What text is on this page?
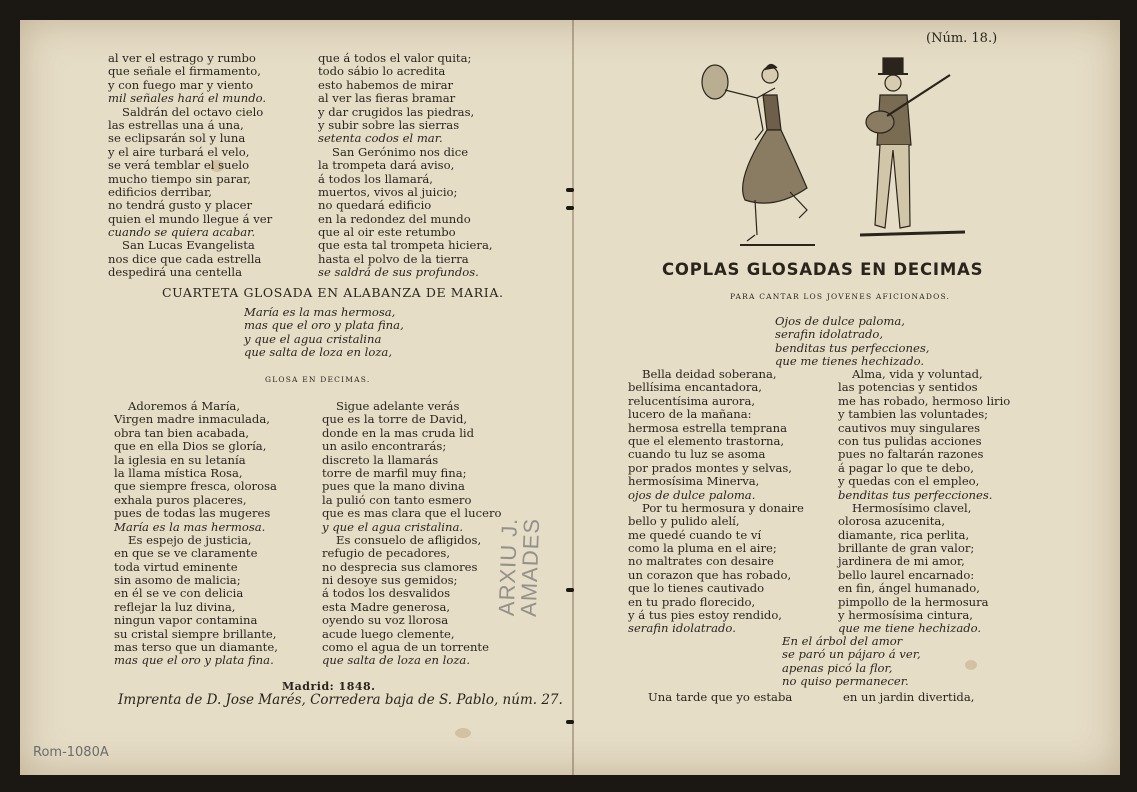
al ver el estrago y rumbo
que señale el firmamento,
y con fuego mar y viento
mil señales hará el mundo.
Saldrán del octavo cielo
las estrellas una á una,
se eclipsarán sol y luna
y el aire turbará el velo,
se verá temblar el suelo
mucho tiempo sin parar,
edificios derribar,
no tendrá gusto y placer
quien el mundo llegue á ver
cuando se quiera acabar.
San Lucas Evangelista
nos dice que cada estrella
despedirá una centella
que á todos el valor quita;
todo sábio lo acredita
esto habemos de mirar
al ver las fieras bramar
y dar crugidos las piedras,
y subir sobre las sierras
setenta codos el mar.
San Gerónimo nos dice
la trompeta dará aviso,
á todos los llamará,
muertos, vivos al juicio;
no quedará edificio
en la redondez del mundo
que al oir este retumbo
que esta tal trompeta hiciera,
hasta el polvo de la tierra
se saldrá de sus profundos.
CUARTETA GLOSADA EN ALABANZA DE MARIA.
María es la mas hermosa,
mas que el oro y plata fina,
y que el agua cristalina
que salta de loza en loza,
GLOSA EN DECIMAS.
Adoremos á María,
Virgen madre inmaculada,
obra tan bien acabada,
que en ella Dios se gloría,
la iglesia en su letanía
la llama mística Rosa,
que siempre fresca, olorosa
exhala puros placeres,
pues de todas las mugeres
María es la mas hermosa.
Es espejo de justicia,
en que se ve claramente
toda virtud eminente
sin asomo de malicia;
en él se ve con delicia
reflejar la luz divina,
ningun vapor contamina
su cristal siempre brillante,
mas terso que un diamante,
mas que el oro y plata fina.
Sigue adelante verás
que es la torre de David,
donde en la mas cruda lid
un asilo encontrarás;
discreto la llamarás
torre de marfil muy fina;
pues que la mano divina
la pulió con tanto esmero
que es mas clara que el lucero
y que el agua cristalina.
Es consuelo de afligidos,
refugio de pecadores,
no desprecia sus clamores
ni desoye sus gemidos;
á todos los desvalidos
esta Madre generosa,
oyendo su voz llorosa
acude luego clemente,
como el agua de un torrente
que salta de loza en loza.
Madrid: 1848.
Imprenta de D. Jose Marés, Corredera baja de S. Pablo, núm. 27.
ARXIU J.
AMADES
Rom-1080A
(Núm. 18.)
COPLAS GLOSADAS EN DECIMAS
PARA CANTAR LOS JOVENES AFICIONADOS.
Ojos de dulce paloma,
serafin idolatrado,
benditas tus perfecciones,
que me tienes hechizado.
Bella deidad soberana,
bellísima encantadora,
relucentísima aurora,
lucero de la mañana:
hermosa estrella temprana
que el elemento trastorna,
cuando tu luz se asoma
por prados montes y selvas,
hermosísima Minerva,
ojos de dulce paloma.
Por tu hermosura y donaire
bello y pulido alelí,
me quedé cuando te ví
como la pluma en el aire;
no maltrates con desaire
un corazon que has robado,
que lo tienes cautivado
en tu prado florecido,
y á tus pies estoy rendido,
serafin idolatrado.
Alma, vida y voluntad,
las potencias y sentidos
me has robado, hermoso lirio
y tambien las voluntades;
cautivos muy singulares
con tus pulidas acciones
pues no faltarán razones
á pagar lo que te debo,
y quedas con el empleo,
benditas tus perfecciones.
Hermosísimo clavel,
olorosa azucenita,
diamante, rica perlita,
brillante de gran valor;
jardinera de mi amor,
bello laurel encarnado:
en fin, ángel humanado,
pimpollo de la hermosura
y hermosísima cintura,
que me tiene hechizado.
En el árbol del amor
se paró un pájaro á ver,
apenas picó la flor,
no quiso permanecer.
Una tarde que yo estaba	en un jardin divertida,
